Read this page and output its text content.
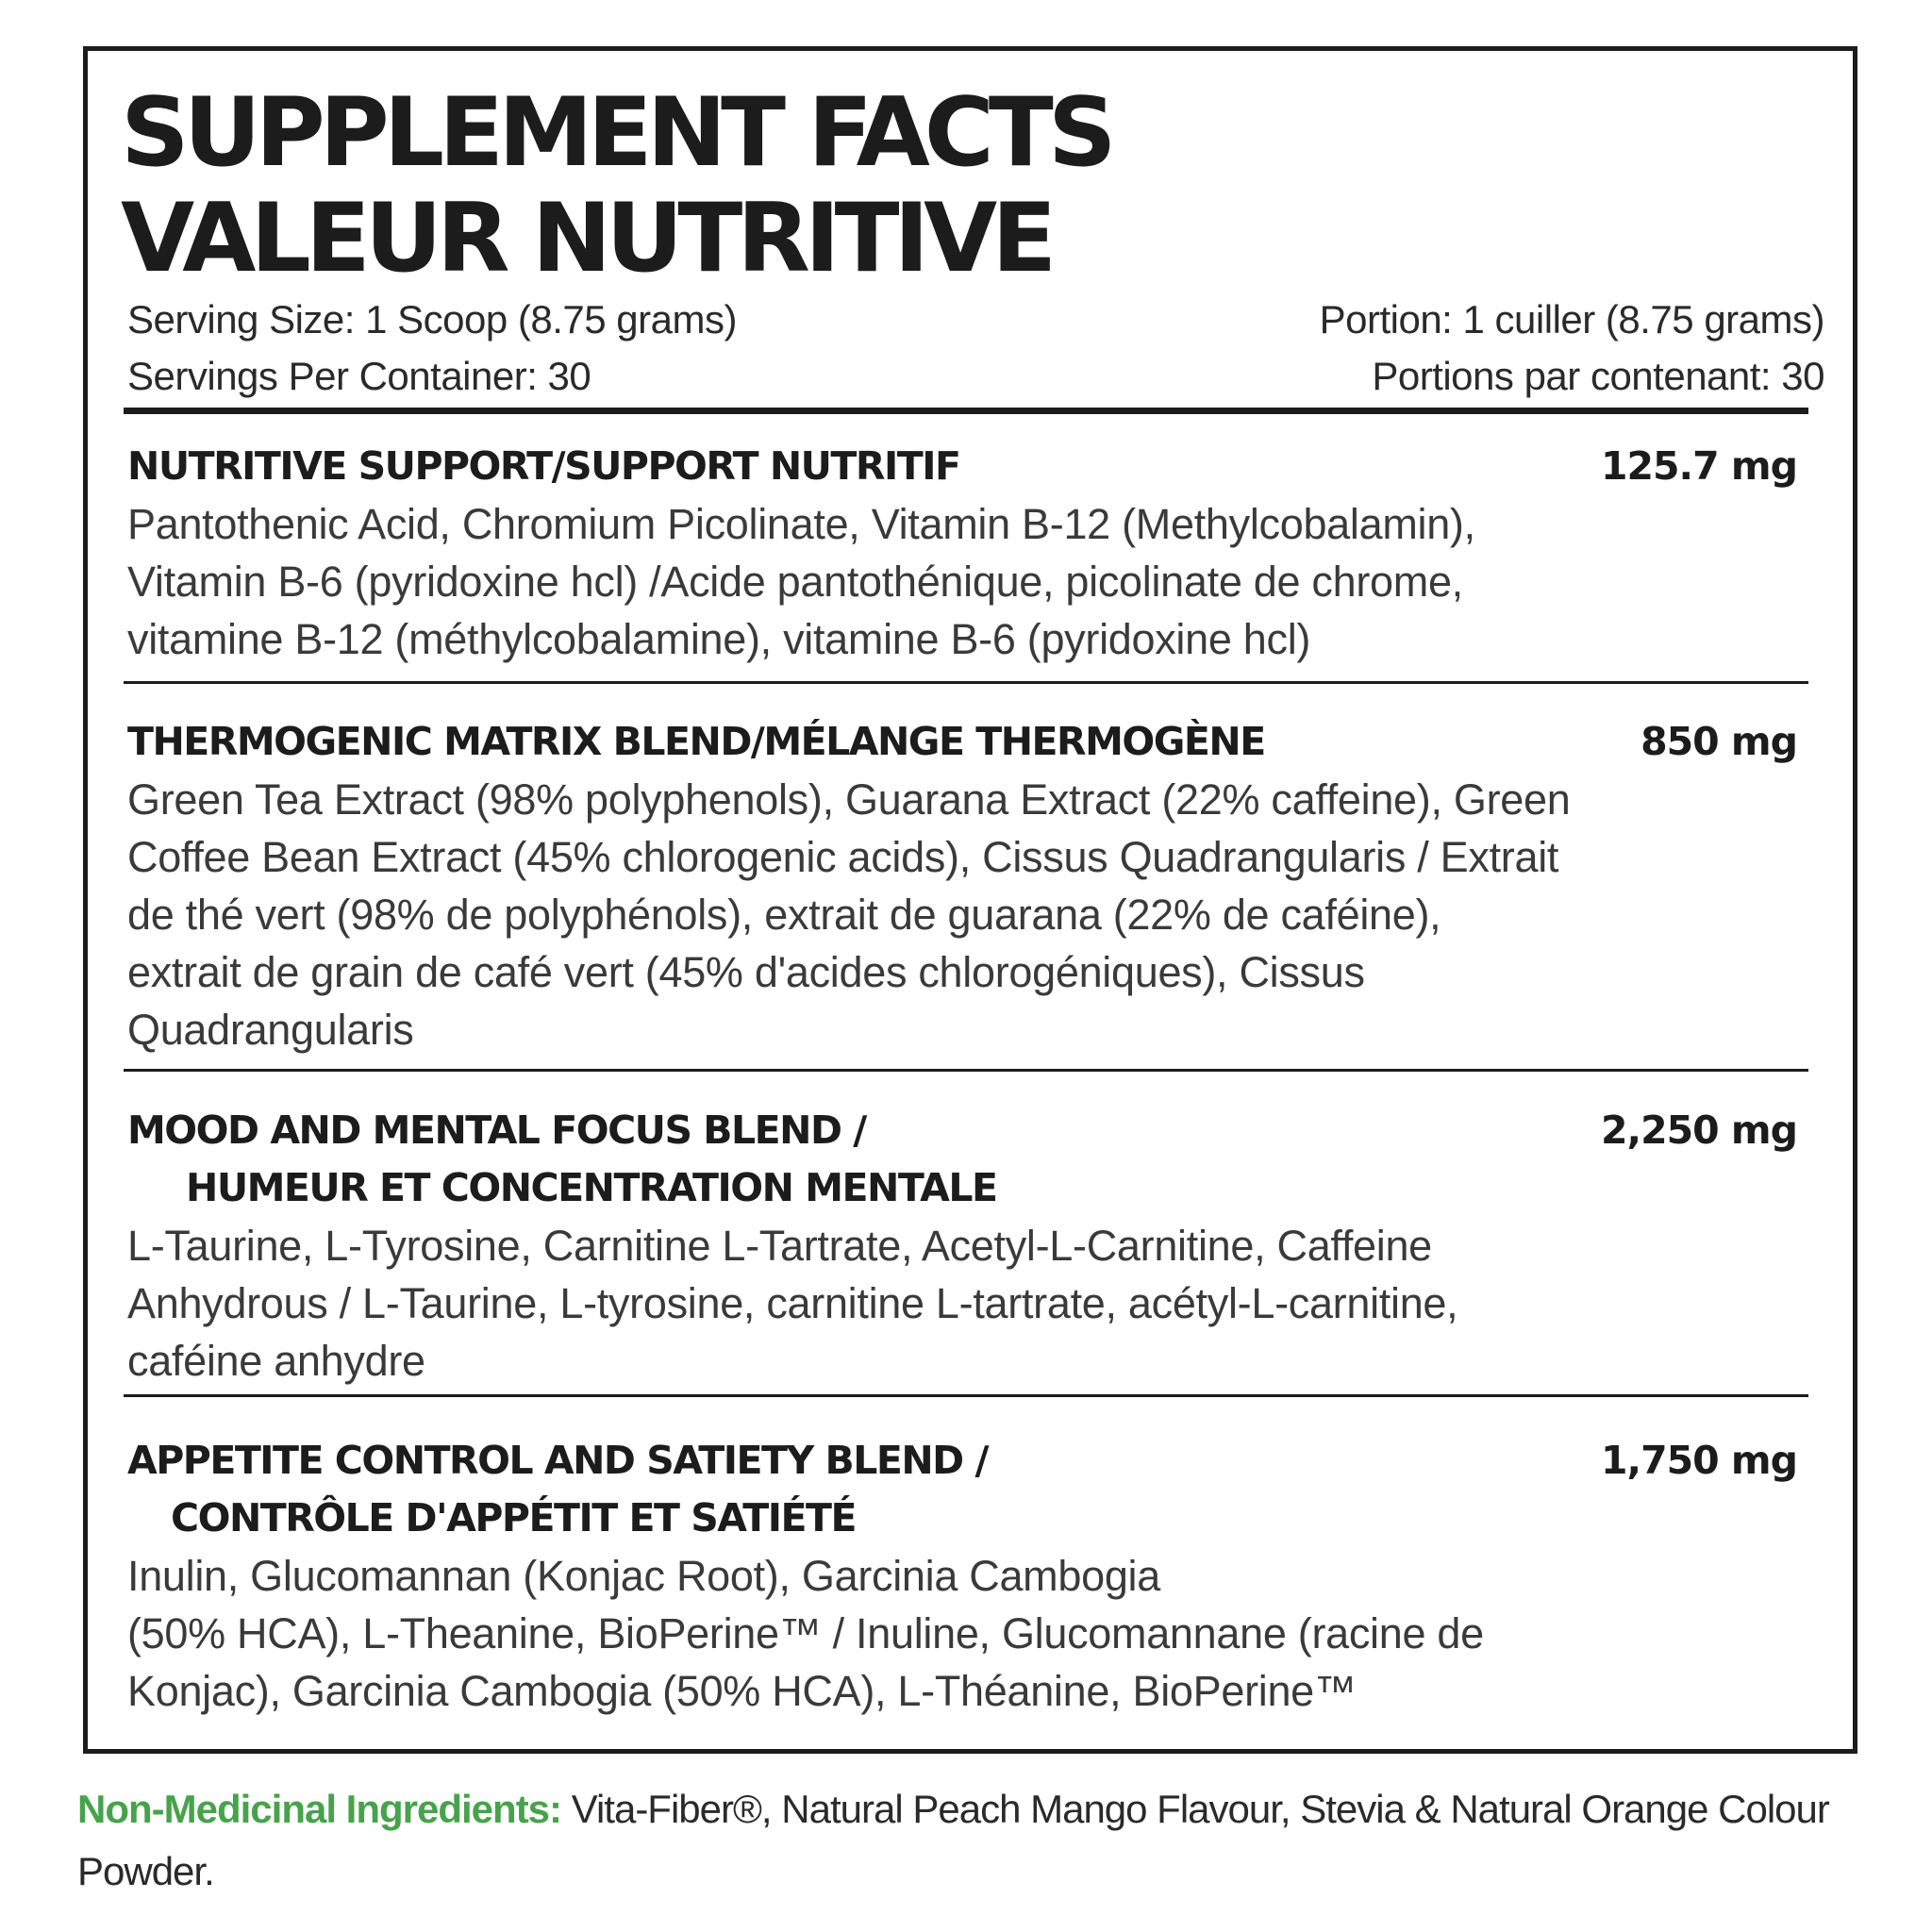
SUPPLEMENT FACTS
VALEUR NUTRITIVE
Serving Size: 1 Scoop (8.75 grams)
Servings Per Container: 30
Portion: 1 cuiller (8.75 grams)
Portions par contenant: 30
NUTRITIVE SUPPORT/SUPPORT NUTRITIF	125.7 mg
Pantothenic Acid, Chromium Picolinate, Vitamin B-12 (Methylcobalamin),
Vitamin B-6 (pyridoxine hcl) /Acide pantothénique, picolinate de chrome,
vitamine B-12 (méthylcobalamine), vitamine B-6 (pyridoxine hcl)
THERMOGENIC MATRIX BLEND/MÉLANGE THERMOGÈNE	850 mg
Green Tea Extract (98% polyphenols), Guarana Extract (22% caffeine), Green
Coffee Bean Extract (45% chlorogenic acids), Cissus Quadrangularis / Extrait
de thé vert (98% de polyphénols), extrait de guarana (22% de caféine),
extrait de grain de café vert (45% d'acides chlorogéniques), Cissus
Quadrangularis
MOOD AND MENTAL FOCUS BLEND /
HUMEUR ET CONCENTRATION MENTALE
2,250 mg
L-Taurine, L-Tyrosine, Carnitine L-Tartrate, Acetyl-L-Carnitine, Caffeine
Anhydrous / L-Taurine, L-tyrosine, carnitine L-tartrate, acétyl-L-carnitine,
caféine anhydre
APPETITE CONTROL AND SATIETY BLEND /
CONTRÔLE D'APPÉTIT ET SATIÉTÉ
1,750 mg
Inulin, Glucomannan (Konjac Root), Garcinia Cambogia
(50% HCA), L-Theanine, BioPerine™ / Inuline, Glucomannane (racine de
Konjac), Garcinia Cambogia (50% HCA), L-Théanine, BioPerine™
Non-Medicinal Ingredients: Vita-Fiber®, Natural Peach Mango Flavour, Stevia & Natural Orange Colour
Powder.
